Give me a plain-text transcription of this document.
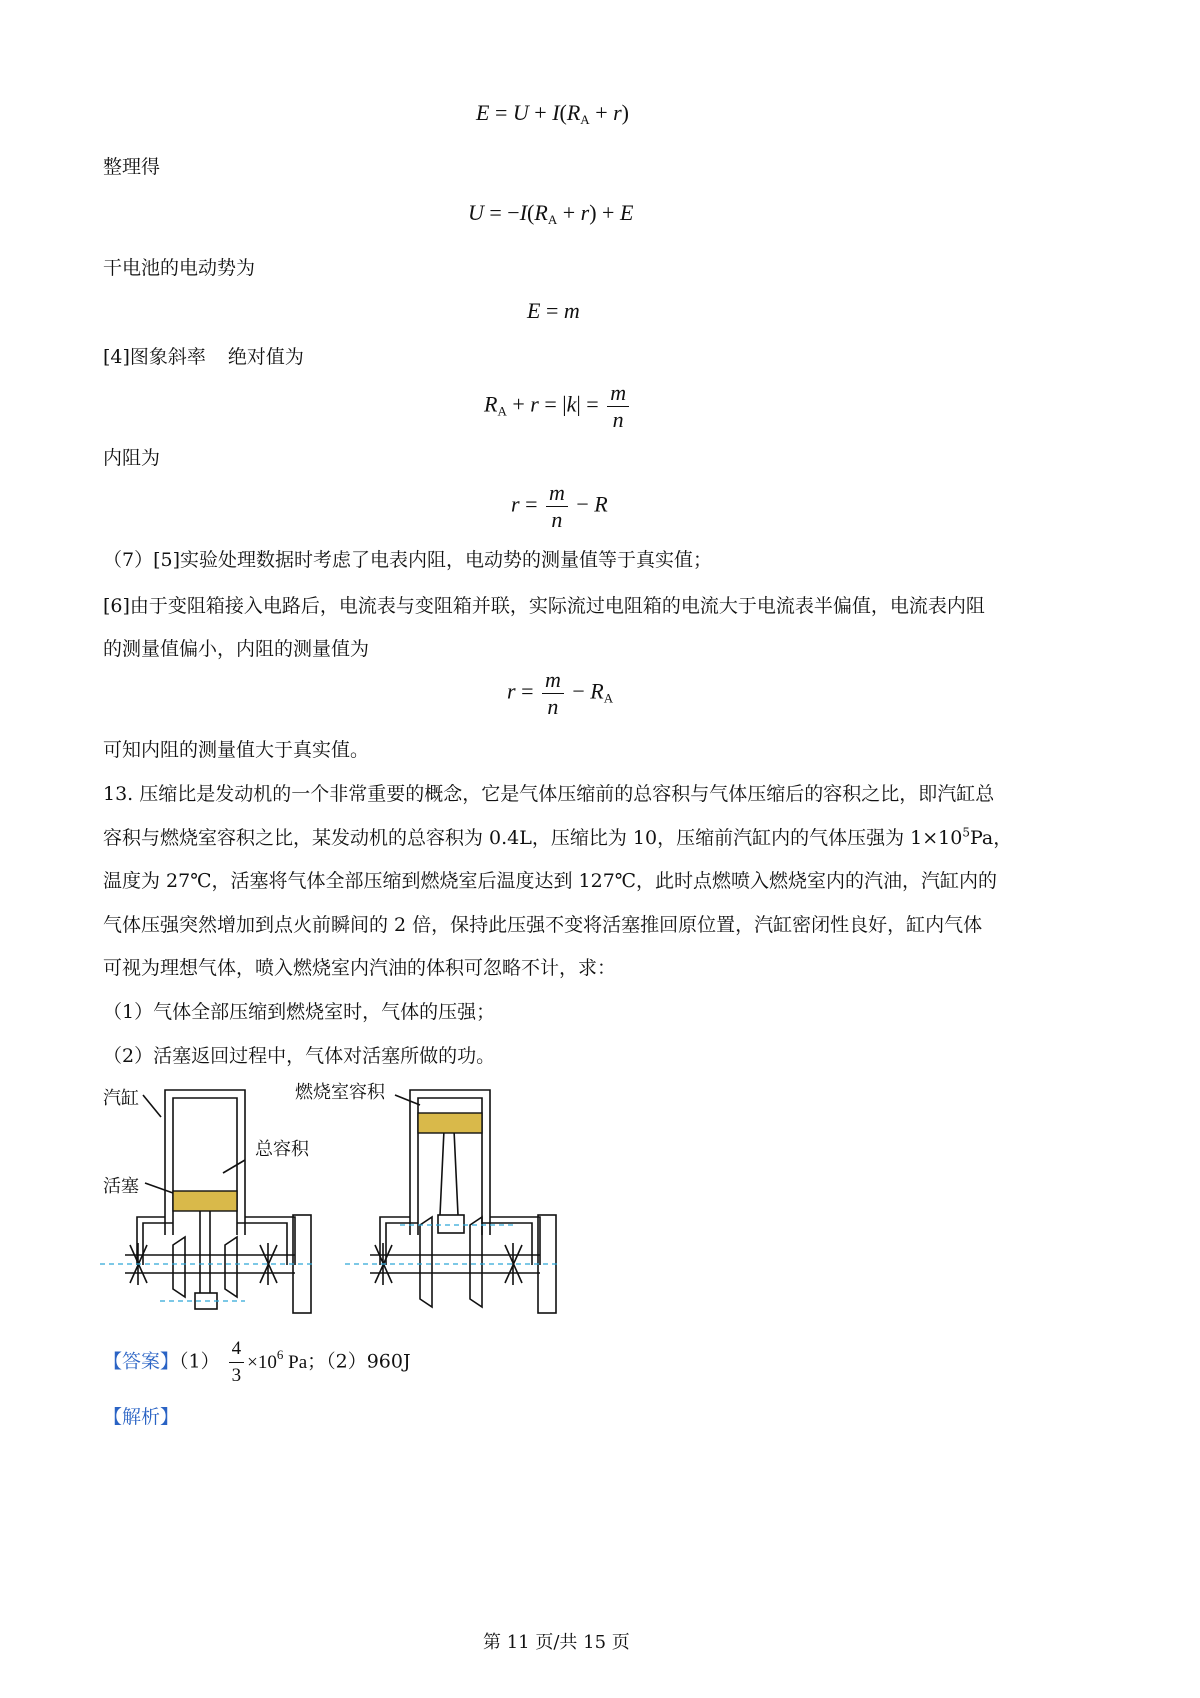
$E = U + I(R_A + r)$
整理得
$U = -I(R_A + r) + E$
干电池的电动势为
E = m
[4]图象斜率 绝对值为
$R_A + r = |k| = \frac{m}{n}$
内阻为
$r = \frac{m}{n} - R$
（7）[5]实验处理数据时考虑了电表内阻，电动势的测量值等于真实值；
[6]由于变阻箱接入电路后，电流表与变阻箱并联，实际流过电阻箱的电流大于电流表半偏值，电流表内阻
的测量值偏小，内阻的测量值为
$r = \frac{m}{n} - R_A$
可知内阻的测量值大于真实值。
13. 压缩比是发动机的一个非常重要的概念，它是气体压缩前的总容积与气体压缩后的容积之比，即汽缸总
容积与燃烧室容积之比，某发动机的总容积为 0.4L，压缩比为 10，压缩前汽缸内的气体压强为 $1\times 10^5Pa$，
温度为 27℃，活塞将气体全部压缩到燃烧室后温度达到 127℃，此时点燃喷入燃烧室内的汽油，汽缸内的
气体压强突然增加到点火前瞬间的 2 倍，保持此压强不变将活塞推回原位置，汽缸密闭性良好，缸内气体
可视为理想气体，喷入燃烧室内汽油的体积可忽略不计，求：
（1）气体全部压缩到燃烧室时，气体的压强；
（2）活塞返回过程中，气体对活塞所做的功。
汽缸
总容积
活塞
燃烧室容积
【答案】$(1) \frac{4}{3} \times 10^6$ Pa；（2）960J
【解析】
第 11 页/共 15 页
